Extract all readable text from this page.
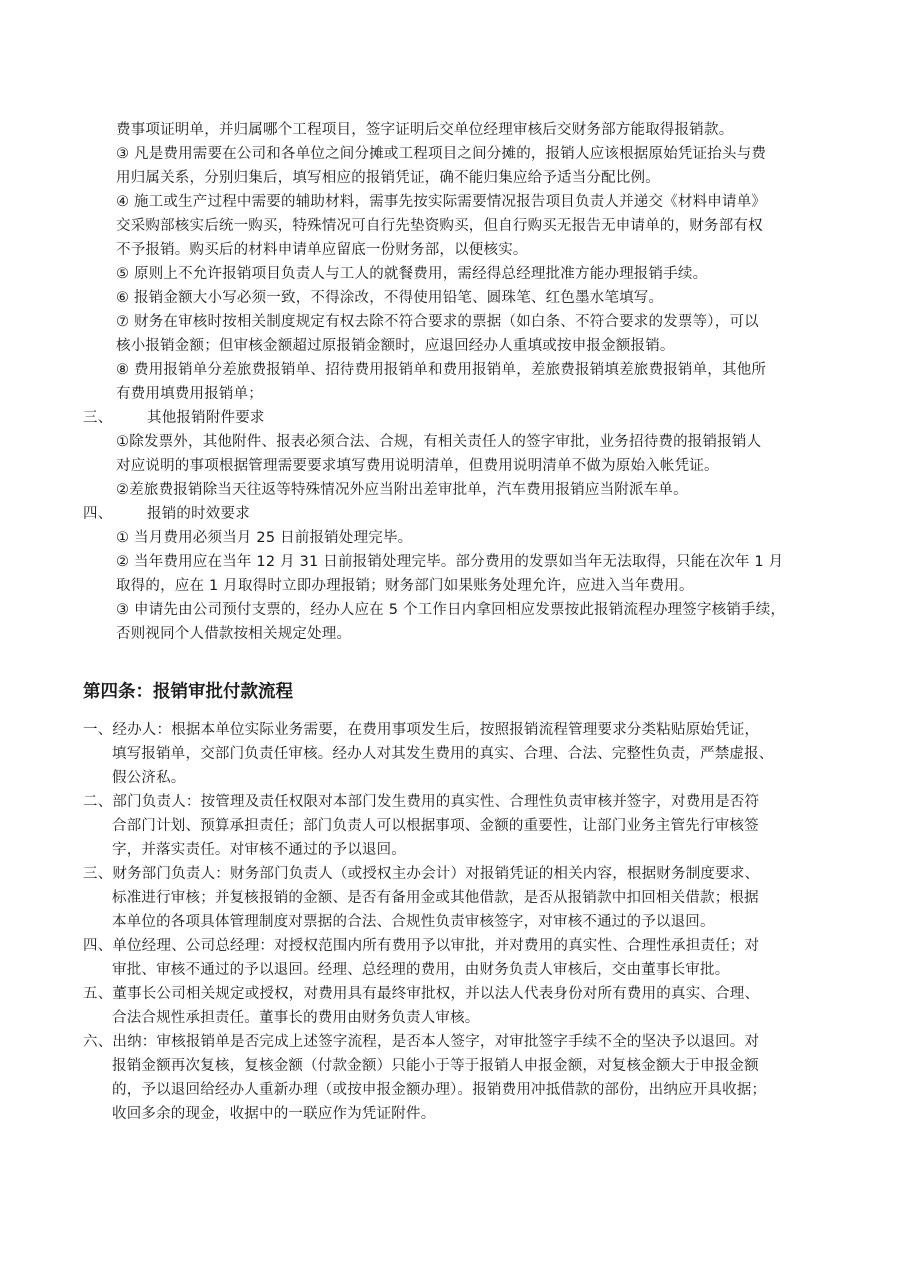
费事项证明单，并归属哪个工程项目，签字证明后交单位经理审核后交财务部方能取得报销款。
③ 凡是费用需要在公司和各单位之间分摊或工程项目之间分摊的，报销人应该根据原始凭证抬头与费
用归属关系，分别归集后，填写相应的报销凭证，确不能归集应给予适当分配比例。
④ 施工或生产过程中需要的辅助材料，需事先按实际需要情况报告项目负责人并递交《材料申请单》
交采购部核实后统一购买，特殊情况可自行先垫资购买，但自行购买无报告无申请单的，财务部有权
不予报销。购买后的材料申请单应留底一份财务部，以便核实。
⑤ 原则上不允许报销项目负责人与工人的就餐费用，需经得总经理批准方能办理报销手续。
⑥ 报销金额大小写必须一致，不得涂改，不得使用铅笔、圆珠笔、红色墨水笔填写。
⑦ 财务在审核时按相关制度规定有权去除不符合要求的票据（如白条、不符合要求的发票等），可以
核小报销金额；但审核金额超过原报销金额时，应退回经办人重填或按申报金额报销。
⑧ 费用报销单分差旅费报销单、招待费用报销单和费用报销单，差旅费报销填差旅费报销单，其他所
有费用填费用报销单；
三、 其他报销附件要求
①除发票外，其他附件、报表必须合法、合规，有相关责任人的签字审批，业务招待费的报销报销人
对应说明的事项根据管理需要要求填写费用说明清单，但费用说明清单不做为原始入帐凭证。
②差旅费报销除当天往返等特殊情况外应当附出差审批单，汽车费用报销应当附派车单。
四、 报销的时效要求
① 当月费用必须当月 25 日前报销处理完毕。
② 当年费用应在当年 12 月 31 日前报销处理完毕。部分费用的发票如当年无法取得，只能在次年 1 月
取得的，应在 1 月取得时立即办理报销；财务部门如果账务处理允许，应进入当年费用。
③ 申请先由公司预付支票的，经办人应在 5 个工作日内拿回相应发票按此报销流程办理签字核销手续，
否则视同个人借款按相关规定处理。
第四条：报销审批付款流程
一、经办人：根据本单位实际业务需要，在费用事项发生后，按照报销流程管理要求分类粘贴原始凭证，
填写报销单，交部门负责任审核。经办人对其发生费用的真实、合理、合法、完整性负责，严禁虚报、
假公济私。
二、部门负责人：按管理及责任权限对本部门发生费用的真实性、合理性负责审核并签字，对费用是否符
合部门计划、预算承担责任；部门负责人可以根据事项、金额的重要性，让部门业务主管先行审核签
字，并落实责任。对审核不通过的予以退回。
三、财务部门负责人：财务部门负责人（或授权主办会计）对报销凭证的相关内容，根据财务制度要求、
标准进行审核；并复核报销的金额、是否有备用金或其他借款，是否从报销款中扣回相关借款；根据
本单位的各项具体管理制度对票据的合法、合规性负责审核签字，对审核不通过的予以退回。
四、单位经理、公司总经理：对授权范围内所有费用予以审批，并对费用的真实性、合理性承担责任；对
审批、审核不通过的予以退回。经理、总经理的费用，由财务负责人审核后，交由董事长审批。
五、董事长公司相关规定或授权，对费用具有最终审批权，并以法人代表身份对所有费用的真实、合理、
合法合规性承担责任。董事长的费用由财务负责人审核。
六、出纳：审核报销单是否完成上述签字流程，是否本人签字，对审批签字手续不全的坚决予以退回。对
报销金额再次复核，复核金额（付款金额）只能小于等于报销人申报金额，对复核金额大于申报金额
的，予以退回给经办人重新办理（或按申报金额办理）。报销费用冲抵借款的部份，出纳应开具收据；
收回多余的现金，收据中的一联应作为凭证附件。
